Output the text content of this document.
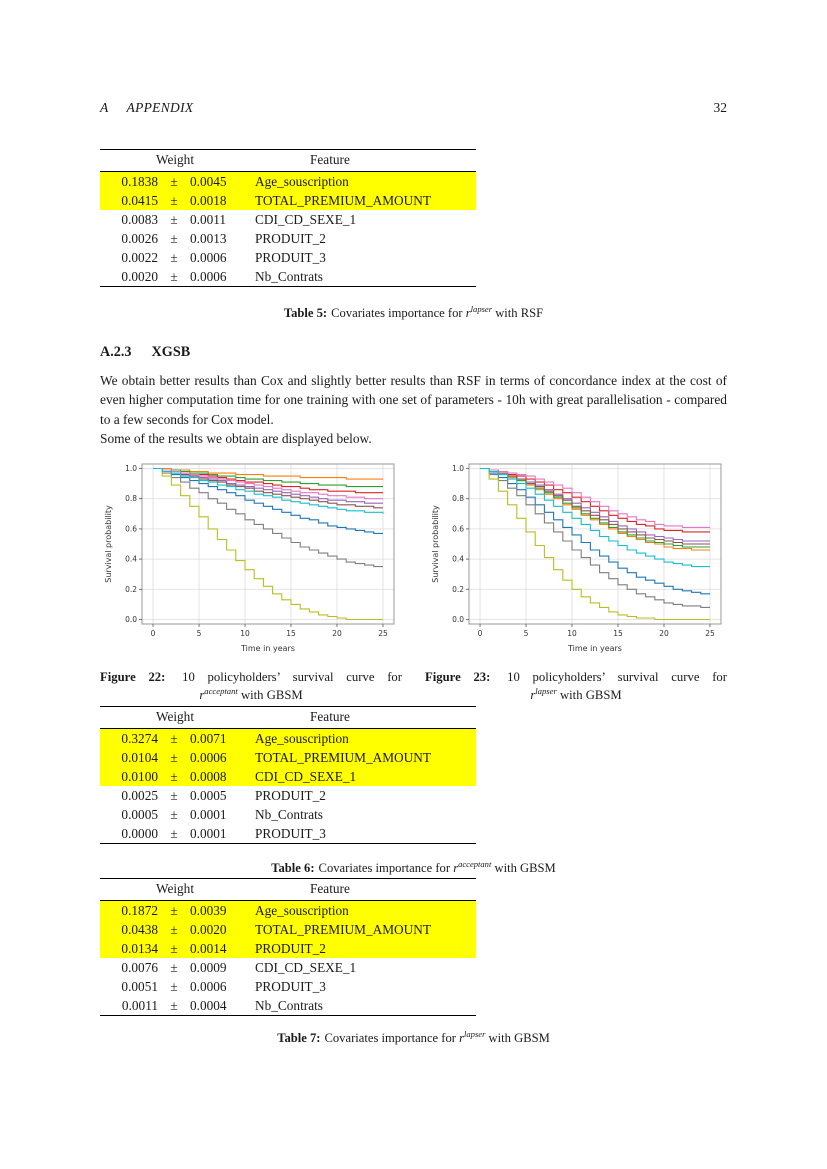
A APPENDIX	32
Weight			Feature
0.1838	±	0.0045	Age_souscription
0.0415	±	0.0018	TOTAL_PREMIUM_AMOUNT
0.0083	±	0.0011	CDI_CD_SEXE_1
0.0026	±	0.0013	PRODUIT_2
0.0022	±	0.0006	PRODUIT_3
0.0020	±	0.0006	Nb_Contrats
Table 5: Covariates importance for $r^{lapser}$ with RSF
A.2.3 XGSB

We obtain better results than Cox and slightly better results than RSF in terms of concordance index at the cost of even higher computation time for one training with one set of parameters - 10h with great parallelisation - compared to a few seconds for Cox model.

Some of the results we obtain are displayed below.

0	5	10	15	20	25
0.0
0.2
0.4
0.6
0.8
1.0
Time in years
Survival probability
0	5	10	15	20	25
0.0
0.2
0.4
0.6
0.8
1.0
Time in years
Survival probability
Figure 22: 10 policyholders’ survival curve for
$r^{acceptant}$ with GBSM
Figure 23: 10 policyholders’ survival curve for
$r^{lapser}$ with GBSM
Weight			Feature
0.3274	±	0.0071	Age_souscription
0.0104	±	0.0006	TOTAL_PREMIUM_AMOUNT
0.0100	±	0.0008	CDI_CD_SEXE_1
0.0025	±	0.0005	PRODUIT_2
0.0005	±	0.0001	Nb_Contrats
0.0000	±	0.0001	PRODUIT_3
Table 6: Covariates importance for $r^{acceptant}$ with GBSM
Weight			Feature
0.1872	±	0.0039	Age_souscription
0.0438	±	0.0020	TOTAL_PREMIUM_AMOUNT
0.0134	±	0.0014	PRODUIT_2
0.0076	±	0.0009	CDI_CD_SEXE_1
0.0051	±	0.0006	PRODUIT_3
0.0011	±	0.0004	Nb_Contrats
Table 7: Covariates importance for $r^{lapser}$ with GBSM
